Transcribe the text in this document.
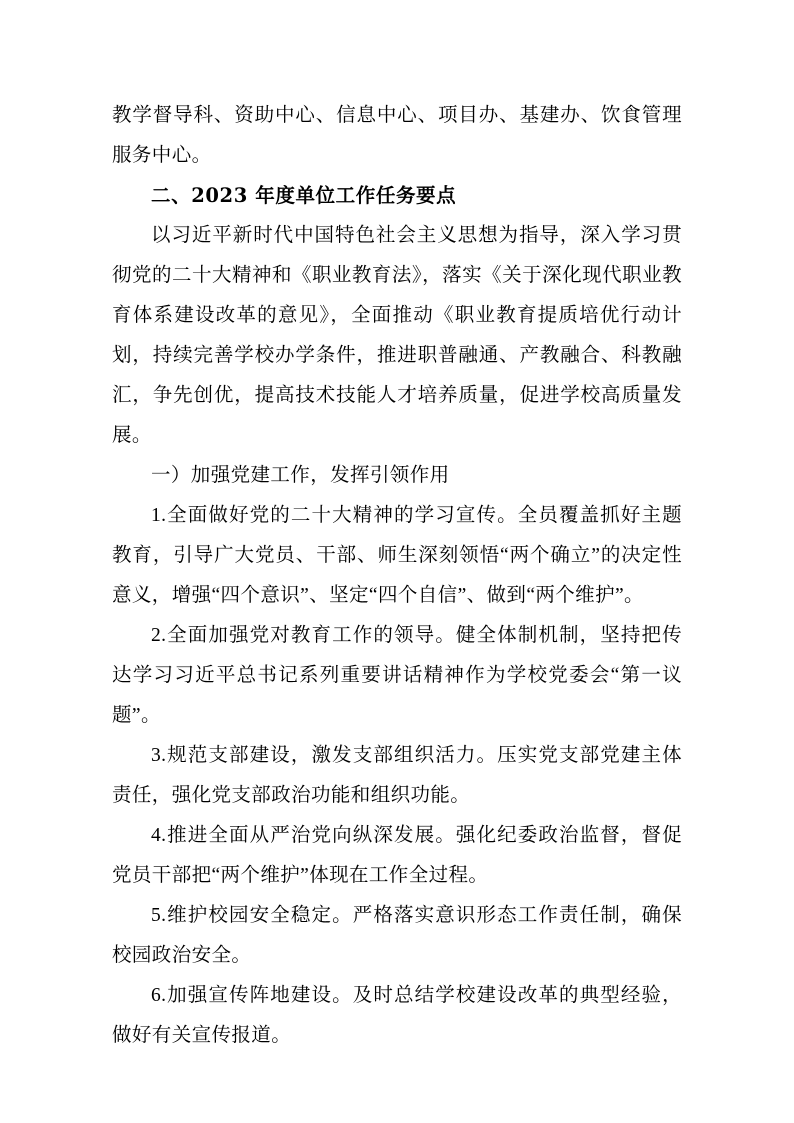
教学督导科、资助中心、信息中心、项目办、基建办、饮食管理服务中心。

二、2023 年度单位工作任务要点

以习近平新时代中国特色社会主义思想为指导，深入学习贯彻党的二十大精神和《职业教育法》，落实《关于深化现代职业教育体系建设改革的意见》，全面推动《职业教育提质培优行动计划，持续完善学校办学条件，推进职普融通、产教融合、科教融汇，争先创优，提高技术技能人才培养质量，促进学校高质量发展。

一）加强党建工作，发挥引领作用

1.全面做好党的二十大精神的学习宣传。全员覆盖抓好主题教育，引导广大党员、干部、师生深刻领悟“两个确立”的决定性意义，增强“四个意识”、坚定“四个自信”、做到“两个维护”。

2.全面加强党对教育工作的领导。健全体制机制，坚持把传达学习习近平总书记系列重要讲话精神作为学校党委会“第一议题”。

3.规范支部建设，激发支部组织活力。压实党支部党建主体责任，强化党支部政治功能和组织功能。

4.推进全面从严治党向纵深发展。强化纪委政治监督，督促党员干部把“两个维护”体现在工作全过程。

5.维护校园安全稳定。严格落实意识形态工作责任制，确保校园政治安全。

6.加强宣传阵地建设。及时总结学校建设改革的典型经验，做好有关宣传报道。
